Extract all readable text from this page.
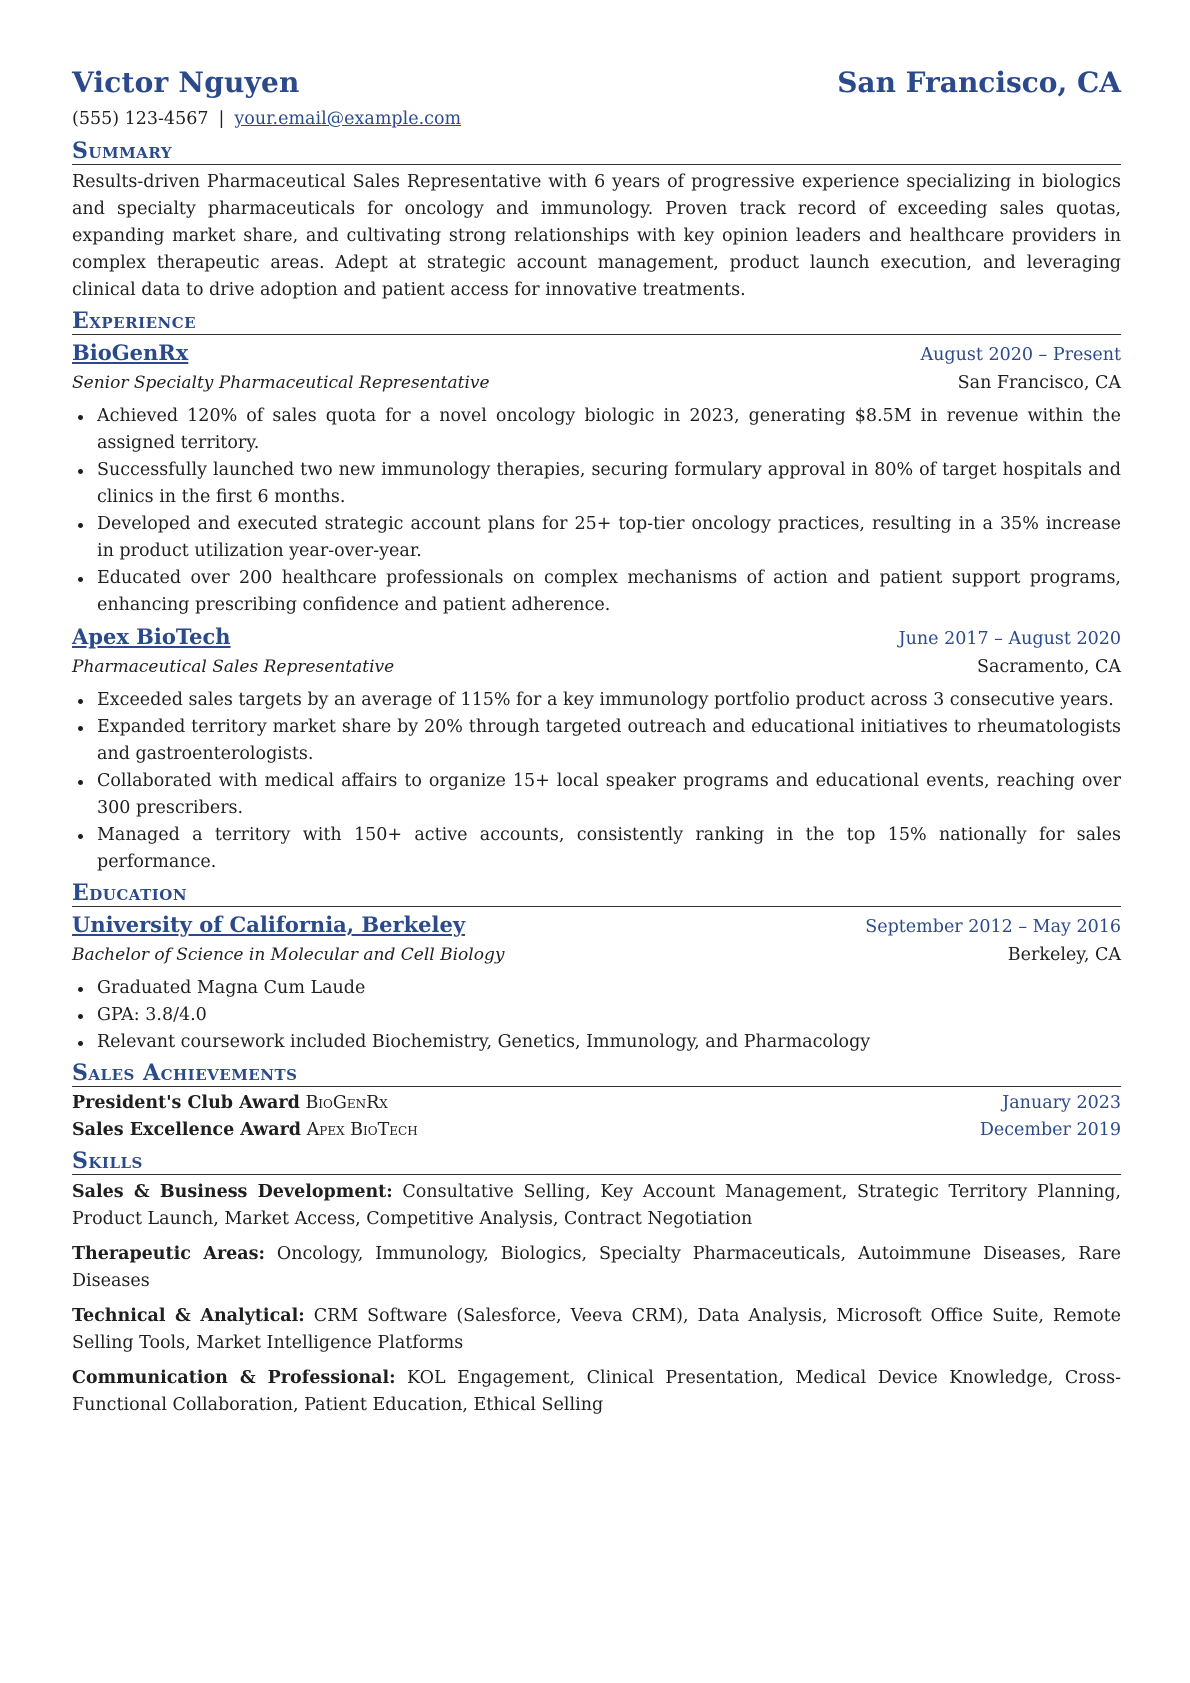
Victor Nguyen	San Francisco, CA
(555) 123-4567 | your.email@example.com
Summary

Results-driven Pharmaceutical Sales Representative with 6 years of progressive experience specializing in biologics and specialty pharmaceuticals for oncology and immunology. Proven track record of exceeding sales quotas, expanding market share, and cultivating strong relationships with key opinion leaders and healthcare providers in complex therapeutic areas. Adept at strategic account management, product launch execution, and leveraging clinical data to drive adoption and patient access for innovative treatments.

Experience
BioGenRx	August 2020 – Present
Senior Specialty Pharmaceutical Representative	San Francisco, CA
Achieved 120% of sales quota for a novel oncology biologic in 2023, generating $8.5M in revenue within the assigned territory.
Successfully launched two new immunology therapies, securing formulary approval in 80% of target hospitals and clinics in the first 6 months.
Developed and executed strategic account plans for 25+ top-tier oncology practices, resulting in a 35% increase in product utilization year-over-year.
Educated over 200 healthcare professionals on complex mechanisms of action and patient support programs, enhancing prescribing confidence and patient adherence.
Apex BioTech	June 2017 – August 2020
Pharmaceutical Sales Representative	Sacramento, CA
Exceeded sales targets by an average of 115% for a key immunology portfolio product across 3 consecutive years.
Expanded territory market share by 20% through targeted outreach and educational initiatives to rheumatologists and gastroenterologists.
Collaborated with medical affairs to organize 15+ local speaker programs and educational events, reaching over 300 prescribers.
Managed a territory with 150+ active accounts, consistently ranking in the top 15% nationally for sales performance.
Education
University of California, Berkeley	September 2012 – May 2016
Bachelor of Science in Molecular and Cell Biology	Berkeley, CA
Graduated Magna Cum Laude
GPA: 3.8/4.0
Relevant coursework included Biochemistry, Genetics, Immunology, and Pharmacology
Sales Achievements
President's Club Award BioGenRx	January 2023
Sales Excellence Award Apex BioTech	December 2019
Skills
Sales & Business Development: Consultative Selling, Key Account Management, Strategic Territory Planning, Product Launch, Market Access, Competitive Analysis, Contract Negotiation
Therapeutic Areas: Oncology, Immunology, Biologics, Specialty Pharmaceuticals, Autoimmune Diseases, Rare Diseases
Technical & Analytical: CRM Software (Salesforce, Veeva CRM), Data Analysis, Microsoft Office Suite, Remote Selling Tools, Market Intelligence Platforms
Communication & Professional: KOL Engagement, Clinical Presentation, Medical Device Knowledge, Cross-Functional Collaboration, Patient Education, Ethical Selling
